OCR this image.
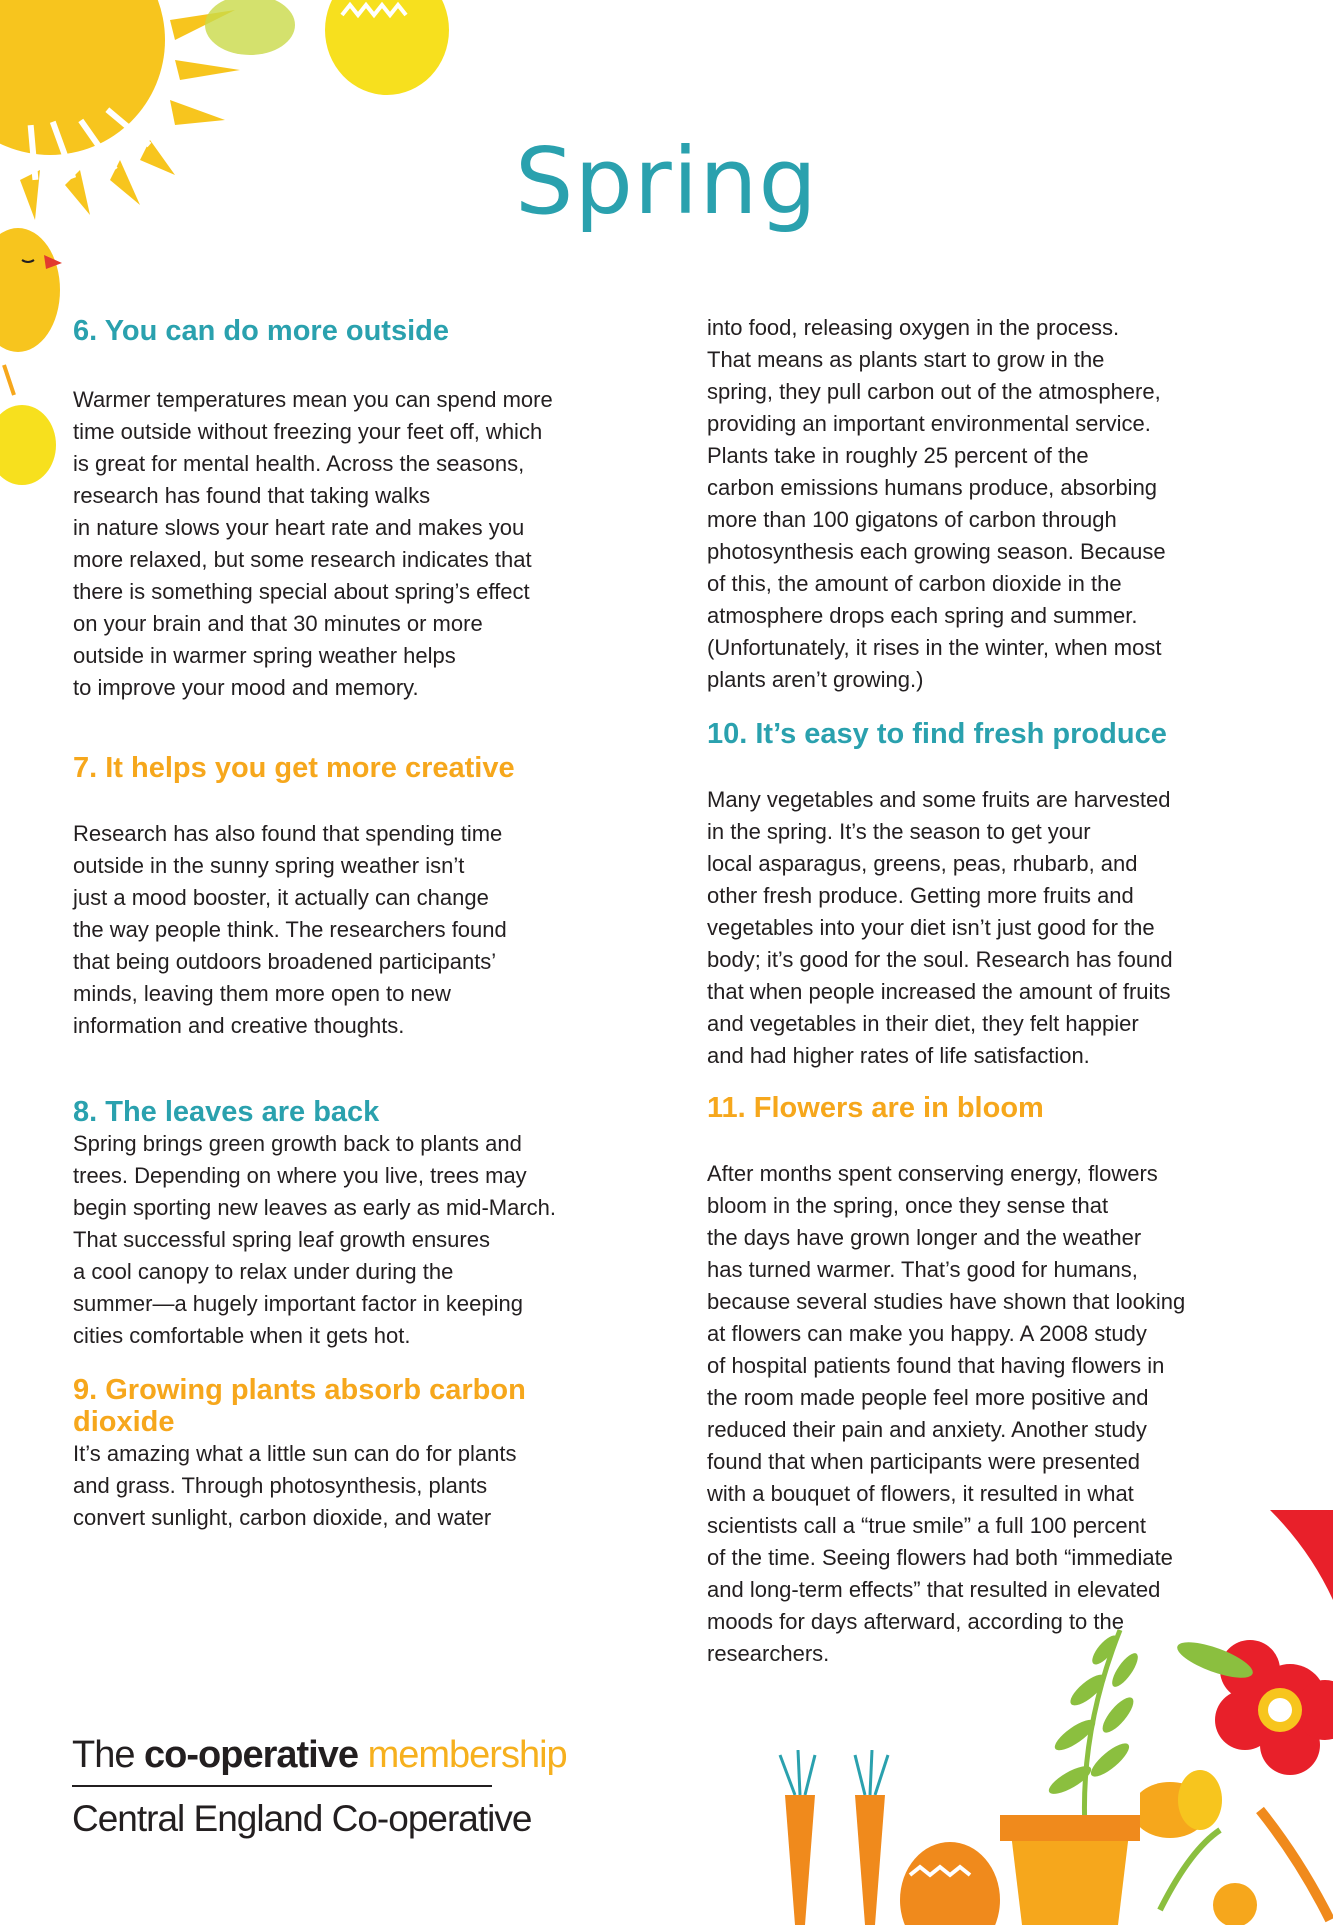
Spring
6. You can do more outside

Warmer temperatures mean you can spend more
time outside without freezing your feet off, which
is great for mental health. Across the seasons,
research has found that taking walks
in nature slows your heart rate and makes you
more relaxed, but some research indicates that
there is something special about spring’s effect
on your brain and that 30 minutes or more
outside in warmer spring weather helps
to improve your mood and memory.

7. It helps you get more creative

Research has also found that spending time
outside in the sunny spring weather isn’t
just a mood booster, it actually can change
the way people think. The researchers found
that being outdoors broadened participants’
minds, leaving them more open to new
information and creative thoughts.

8. The leaves are back

Spring brings green growth back to plants and
trees. Depending on where you live, trees may
begin sporting new leaves as early as mid-March.
That successful spring leaf growth ensures
a cool canopy to relax under during the
summer—a hugely important factor in keeping
cities comfortable when it gets hot.

9. Growing plants absorb carbon
dioxide

It’s amazing what a little sun can do for plants
and grass. Through photosynthesis, plants
convert sunlight, carbon dioxide, and water

into food, releasing oxygen in the process.
That means as plants start to grow in the
spring, they pull carbon out of the atmosphere,
providing an important environmental service.
Plants take in roughly 25 percent of the
carbon emissions humans produce, absorbing
more than 100 gigatons of carbon through
photosynthesis each growing season. Because
of this, the amount of carbon dioxide in the
atmosphere drops each spring and summer.
(Unfortunately, it rises in the winter, when most
plants aren’t growing.)

10. It’s easy to find fresh produce

Many vegetables and some fruits are harvested
in the spring. It’s the season to get your
local asparagus, greens, peas, rhubarb, and
other fresh produce. Getting more fruits and
vegetables into your diet isn’t just good for the
body; it’s good for the soul. Research has found
that when people increased the amount of fruits
and vegetables in their diet, they felt happier
and had higher rates of life satisfaction.

11. Flowers are in bloom

After months spent conserving energy, flowers
bloom in the spring, once they sense that
the days have grown longer and the weather
has turned warmer. That’s good for humans,
because several studies have shown that looking
at flowers can make you happy. A 2008 study
of hospital patients found that having flowers in
the room made people feel more positive and
reduced their pain and anxiety. Another study
found that when participants were presented
with a bouquet of flowers, it resulted in what
scientists call a “true smile” a full 100 percent
of the time. Seeing flowers had both “immediate
and long-term effects” that resulted in elevated
moods for days afterward, according to the
researchers.

The co-operative membership
Central England Co-operative
